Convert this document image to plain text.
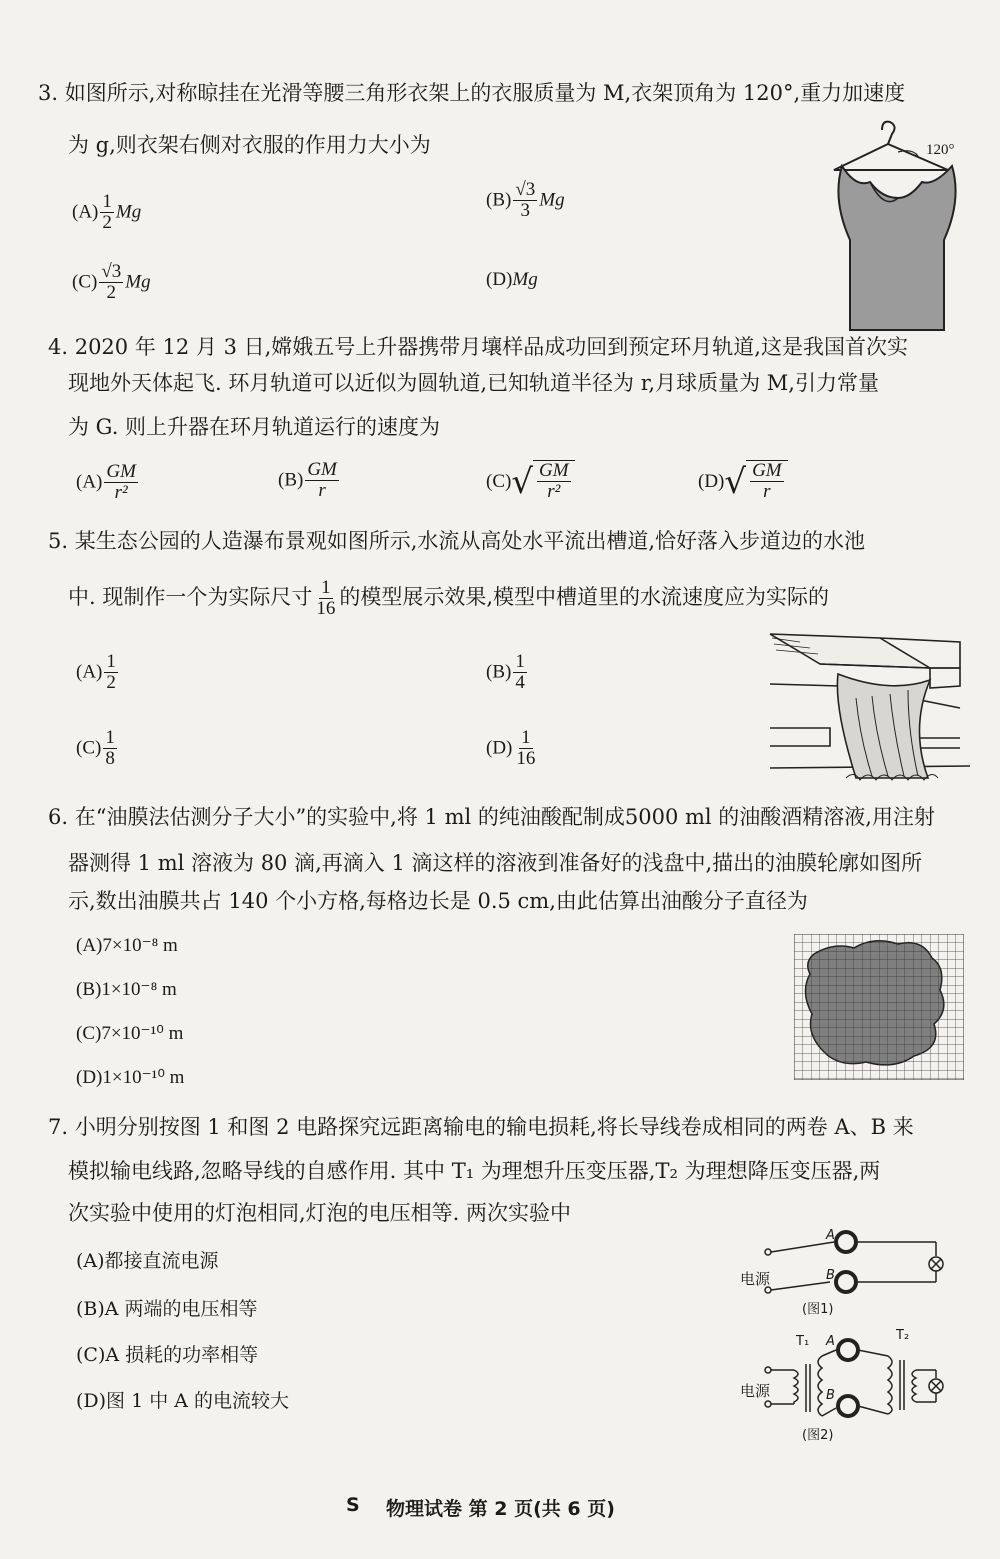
3. 如图所示,对称晾挂在光滑等腰三角形衣架上的衣服质量为 M,衣架顶角为 120°,重力加速度
为 g,则衣架右侧对衣服的作用力大小为
$(A) \frac{1}{2}$ Mg
$(B) \frac{√3}{3}$ Mg
$(C) \frac{√3}{2}$ Mg	(D)Mg
120°
4. 2020 年 12 月 3 日,嫦娥五号上升器携带月壤样品成功回到预定环月轨道,这是我国首次实
现地外天体起飞. 环月轨道可以近似为圆轨道,已知轨道半径为 r,月球质量为 M,引力常量
为 G. 则上升器在环月轨道运行的速度为
$(A) \frac{GM}{\text{r²}}$	$(B) \frac{GM}{r}$	(C) √ $\frac{GM}{\text{r²}}$	(D) √ $\frac{GM}{r}$
5. 某生态公园的人造瀑布景观如图所示,水流从高处水平流出槽道,恰好落入步道边的水池
中. 现制作一个为实际尺寸 $\frac{1}{16}$ 的模型展示效果,模型中槽道里的水流速度应为实际的
$(A) \frac{1}{2}$	$(B) \frac{1}{4}$
$(C) \frac{1}{8}$	$(D) \frac{1}{16}$
6. 在“油膜法估测分子大小”的实验中,将 1 ml 的纯油酸配制成5000 ml 的油酸酒精溶液,用注射
器测得 1 ml 溶液为 80 滴,再滴入 1 滴这样的溶液到准备好的浅盘中,描出的油膜轮廓如图所
示,数出油膜共占 140 个小方格,每格边长是 0.5 cm,由此估算出油酸分子直径为
(A)7×10⁻⁸ m
(B)1×10⁻⁸ m
(C)7×10⁻¹⁰ m
(D)1×10⁻¹⁰ m
7. 小明分别按图 1 和图 2 电路探究远距离输电的输电损耗,将长导线卷成相同的两卷 A、B 来
模拟输电线路,忽略导线的自感作用. 其中 T₁ 为理想升压变压器,T₂ 为理想降压变压器,两
次实验中使用的灯泡相同,灯泡的电压相等. 两次实验中
(A)都接直流电源
(B)A 两端的电压相等
(C)A 损耗的功率相等
(D)图 1 中 A 的电流较大
A
B
电源
(图1)
T₁ A	T₂
B
电源
(图2)
S 物理试卷 第 2 页(共 6 页)
